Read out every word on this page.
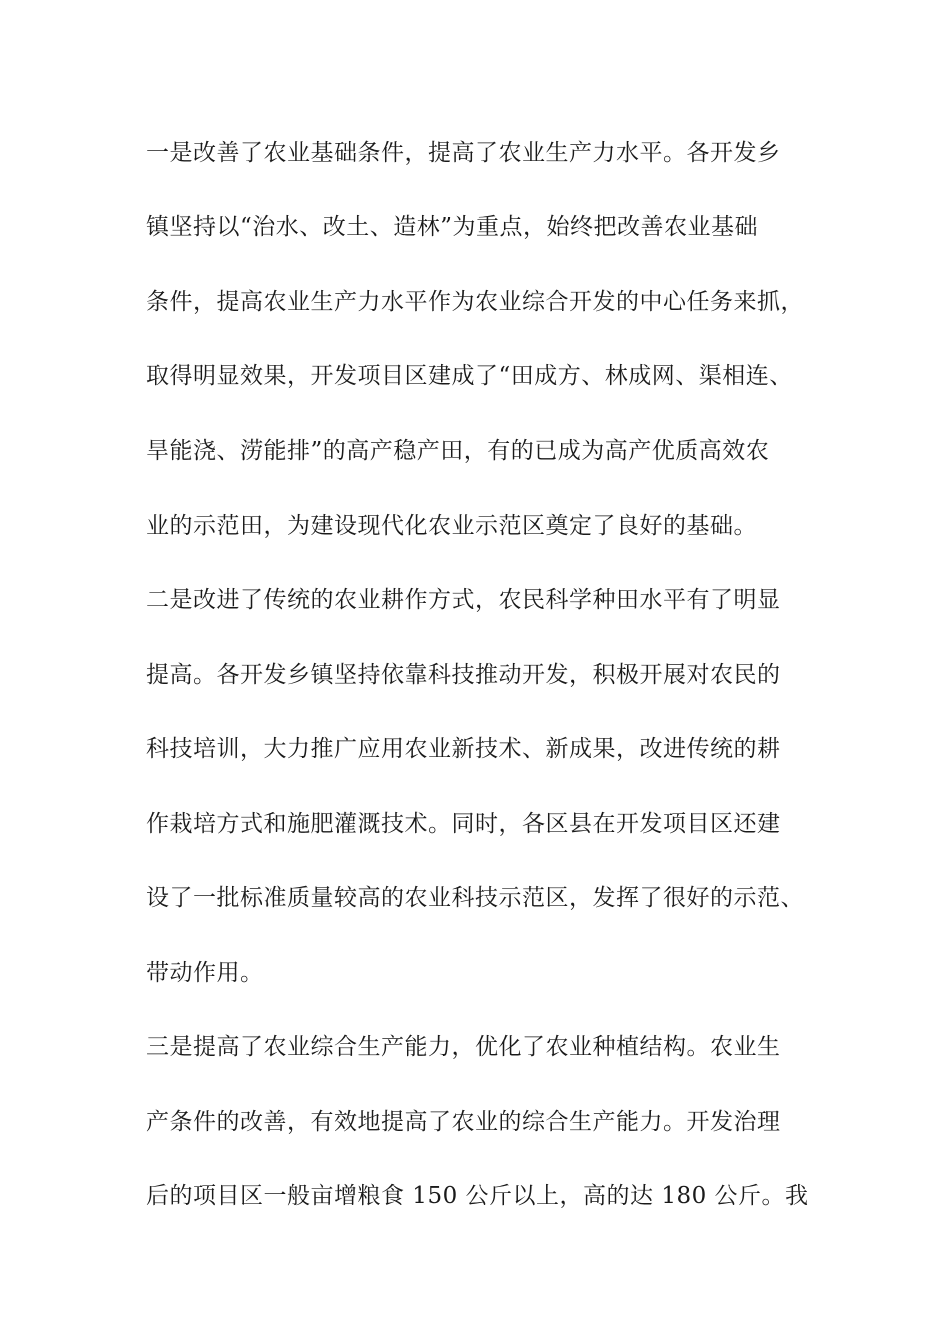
一是改善了农业基础条件，提高了农业生产力水平。各开发乡
镇坚持以“治水、改土、造林”为重点，始终把改善农业基础
条件，提高农业生产力水平作为农业综合开发的中心任务来抓，
取得明显效果，开发项目区建成了“田成方、林成网、渠相连、
旱能浇、涝能排”的高产稳产田，有的已成为高产优质高效农
业的示范田，为建设现代化农业示范区奠定了良好的基础。
二是改进了传统的农业耕作方式，农民科学种田水平有了明显
提高。各开发乡镇坚持依靠科技推动开发，积极开展对农民的
科技培训，大力推广应用农业新技术、新成果，改进传统的耕
作栽培方式和施肥灌溉技术。同时，各区县在开发项目区还建
设了一批标准质量较高的农业科技示范区，发挥了很好的示范、
带动作用。
三是提高了农业综合生产能力，优化了农业种植结构。农业生
产条件的改善，有效地提高了农业的综合生产能力。开发治理
后的项目区一般亩增粮食 150 公斤以上，高的达 180 公斤。我
